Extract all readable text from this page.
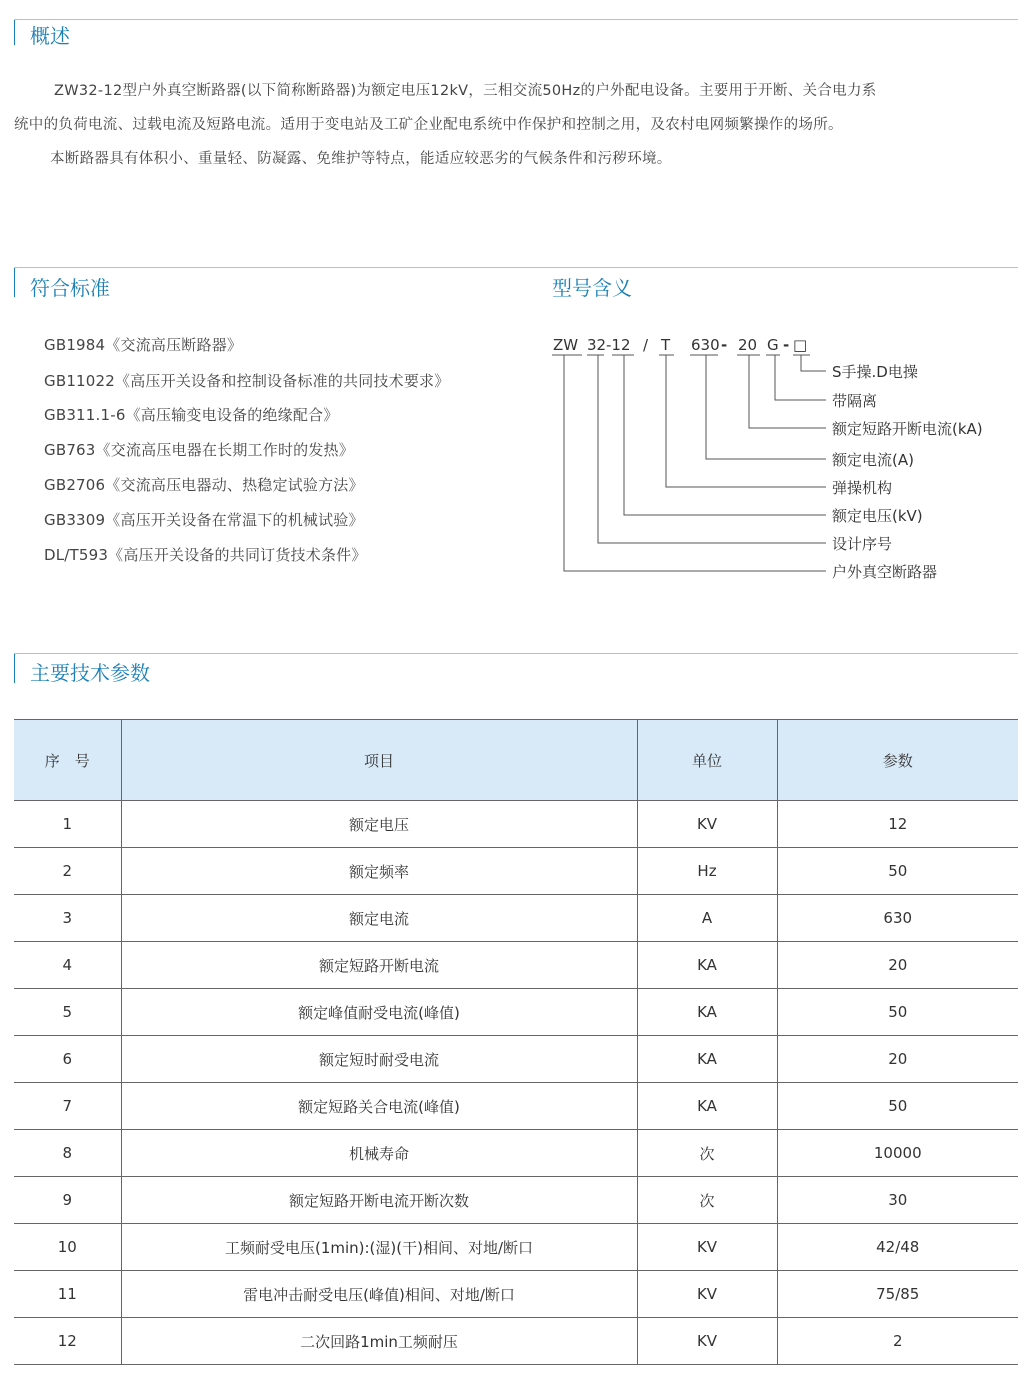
概述
ZW32-12型户外真空断路器(以下简称断路器)为额定电压12kV，三相交流50Hz的户外配电设备。主要用于开断、关合电力系
统中的负荷电流、过载电流及短路电流。适用于变电站及工矿企业配电系统中作保护和控制之用，及农村电网频繁操作的场所。
本断路器具有体积小、重量轻、防凝露、免维护等特点，能适应较恶劣的气候条件和污秽环境。
符合标准	型号含义
GB1984《交流高压断路器》
GB11022《高压开关设备和控制设备标准的共同技术要求》
GB311.1-6《高压输变电设备的绝缘配合》
GB763《交流高压电器在长期工作时的发热》
GB2706《交流高压电器动、热稳定试验方法》
GB3309《高压开关设备在常温下的机械试验》
DL/T593《高压开关设备的共同订货技术条件》
ZW 32 -12 / T 630 - 20 G - □
S手操.D电操
带隔离
额定短路开断电流(kA)
额定电流(A)
弹操机构
额定电压(kV)
设计序号
户外真空断路器
主要技术参数
序　号	项目	单位	参数
1	额定电压	KV	12
2	额定频率	Hz	50
3	额定电流	A	630
4	额定短路开断电流	KA	20
5	额定峰值耐受电流(峰值)	KA	50
6	额定短时耐受电流	KA	20
7	额定短路关合电流(峰值)	KA	50
8	机械寿命	次	10000
9	额定短路开断电流开断次数	次	30
10	工频耐受电压(1min):(湿)(干)相间、对地/断口	KV	42/48
11	雷电冲击耐受电压(峰值)相间、对地/断口	KV	75/85
12	二次回路1min工频耐压	KV	2
